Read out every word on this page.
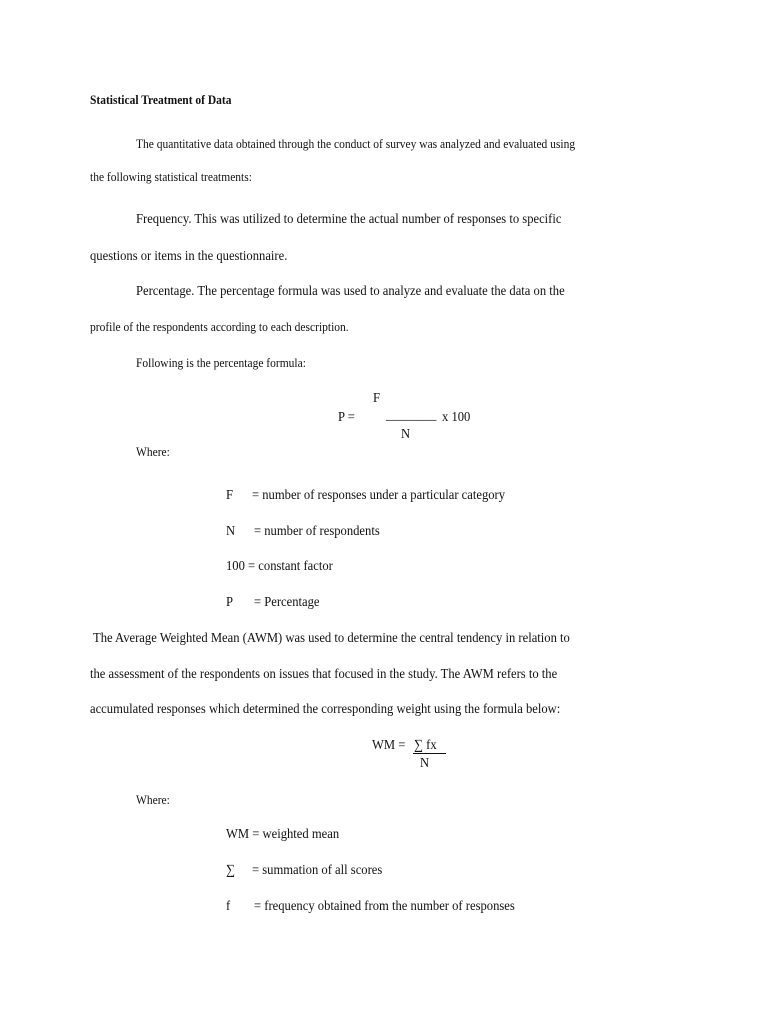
Statistical Treatment of Data
The quantitative data obtained through the conduct of survey was analyzed and evaluated using
the following statistical treatments:
Frequency. This was utilized to determine the actual number of responses to specific
questions or items in the questionnaire.
Percentage. The percentage formula was used to analyze and evaluate the data on the
profile of the respondents according to each description.
Following is the percentage formula:
F
P = ________ x 100
N
Where:
F = number of responses under a particular category
N = number of respondents
100 = constant factor
P = Percentage
The Average Weighted Mean (AWM) was used to determine the central tendency in relation to
the assessment of the respondents on issues that focused in the study. The AWM refers to the
accumulated responses which determined the corresponding weight using the formula below:
WM = ∑ fx
N
Where:
WM = weighted mean
∑ = summation of all scores
f = frequency obtained from the number of responses
